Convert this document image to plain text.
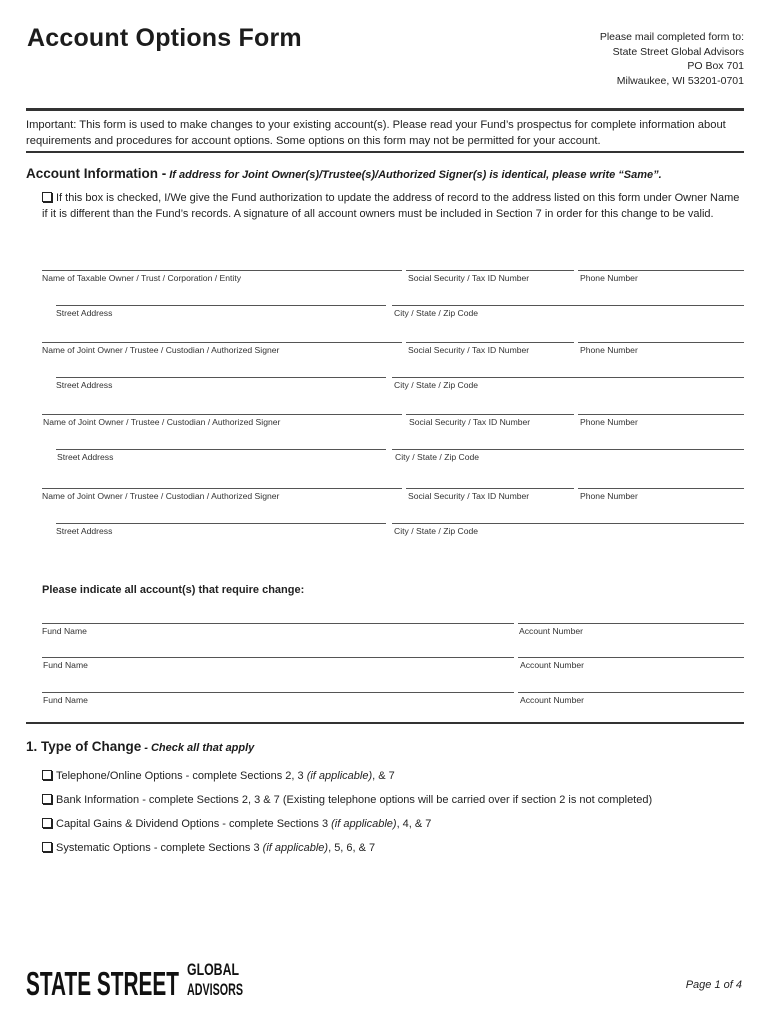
Account Options Form	Please mail completed form to:
State Street Global Advisors
PO Box 701
Milwaukee, WI 53201-0701
Important: This form is used to make changes to your existing account(s). Please read your Fund’s prospectus for complete information about requirements and procedures for account options. Some options on this form may not be permitted for your account.
Account Information - If address for Joint Owner(s)/Trustee(s)/Authorized Signer(s) is identical, please write “Same”.
If this box is checked, I/We give the Fund authorization to update the address of record to the address listed on this form under Owner Name if it is different than the Fund’s records. A signature of all account owners must be included in Section 7 in order for this change to be valid.
Name of Taxable Owner / Trust / Corporation / Entity	Social Security / Tax ID Number	Phone Number
Street Address	City / State / Zip Code
Name of Joint Owner / Trustee / Custodian / Authorized Signer	Social Security / Tax ID Number	Phone Number
Street Address	City / State / Zip Code
Name of Joint Owner / Trustee / Custodian / Authorized Signer	Social Security / Tax ID Number	Phone Number
Street Address	City / State / Zip Code
Name of Joint Owner / Trustee / Custodian / Authorized Signer	Social Security / Tax ID Number	Phone Number
Street Address	City / State / Zip Code
Please indicate all account(s) that require change:
Fund Name	Account Number
Fund Name	Account Number
Fund Name	Account Number
1. Type of Change - Check all that apply
Telephone/Online Options - complete Sections 2, 3 (if applicable), & 7
Bank Information - complete Sections 2, 3 & 7 (Existing telephone options will be carried over if section 2 is not completed)
Capital Gains & Dividend Options - complete Sections 3 (if applicable), 4, & 7
Systematic Options - complete Sections 3 (if applicable), 5, 6, & 7
STATE STREET GLOBAL
ADVISORS	Page 1 of 4
